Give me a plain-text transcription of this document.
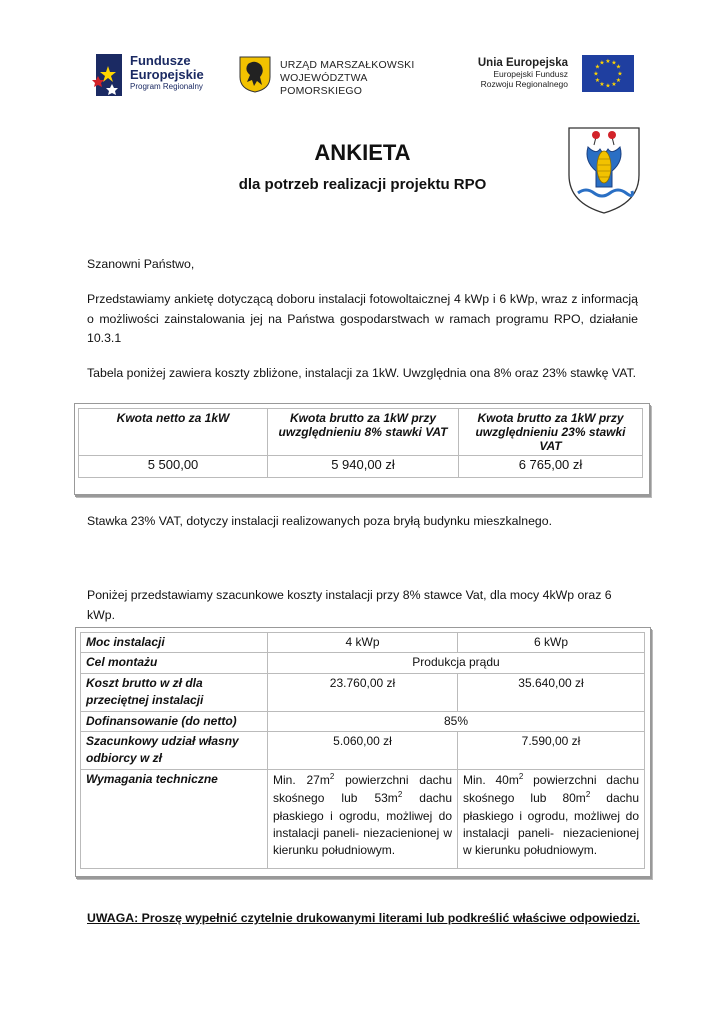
Fundusze
Europejskie
Program Regionalny
URZĄD MARSZAŁKOWSKI
WOJEWÓDZTWA POMORSKIEGO
Unia Europejska
Europejski Fundusz
Rozwoju Regionalnego
★ ★
★
★
★
★
★
★
★
★
★
★
ANKIETA
dla potrzeb realizacji projektu RPO
Szanowni Państwo,
Przedstawiamy ankietę dotyczącą doboru instalacji fotowoltaicznej 4 kWp i 6 kWp, wraz z informacją o możliwości zainstalowania jej na Państwa gospodarstwach w ramach programu RPO, działanie 10.3.1
Tabela poniżej zawiera koszty zbliżone, instalacji za 1kW. Uwzględnia ona 8% oraz 23% stawkę VAT.
Kwota netto za 1kW	Kwota brutto za 1kW przy uwzględnieniu 8% stawki VAT	Kwota brutto za 1kW przy uwzględnieniu 23% stawki VAT
5 500,00	5 940,00 zł	6 765,00 zł
Stawka 23% VAT, dotyczy instalacji realizowanych poza bryłą budynku mieszkalnego.
Poniżej przedstawiamy szacunkowe koszty instalacji przy 8% stawce Vat, dla mocy 4kWp oraz 6 kWp.
Moc instalacji	4 kWp	6 kWp
Cel montażu	Produkcja prądu	
Koszt brutto w zł dla przeciętnej instalacji	23.760,00 zł	35.640,00 zł
Dofinansowanie (do netto)	85%	
Szacunkowy udział własny odbiorcy w zł	5.060,00 zł	7.590,00 zł
Wymagania techniczne	Min. $27m^2$ powierzchni dachu skośnego lub $53m^2$ dachu płaskiego i ogrodu, możliwej do instalacji paneli- niezacienionej w kierunku południowym.	Min. $40m^2$ powierzchni dachu skośnego lub $80m^2$ dachu płaskiego i ogrodu, możliwej do instalacji paneli- niezacienionej w kierunku południowym.
UWAGA: Proszę wypełnić czytelnie drukowanymi literami lub podkreślić właściwe odpowiedzi.
